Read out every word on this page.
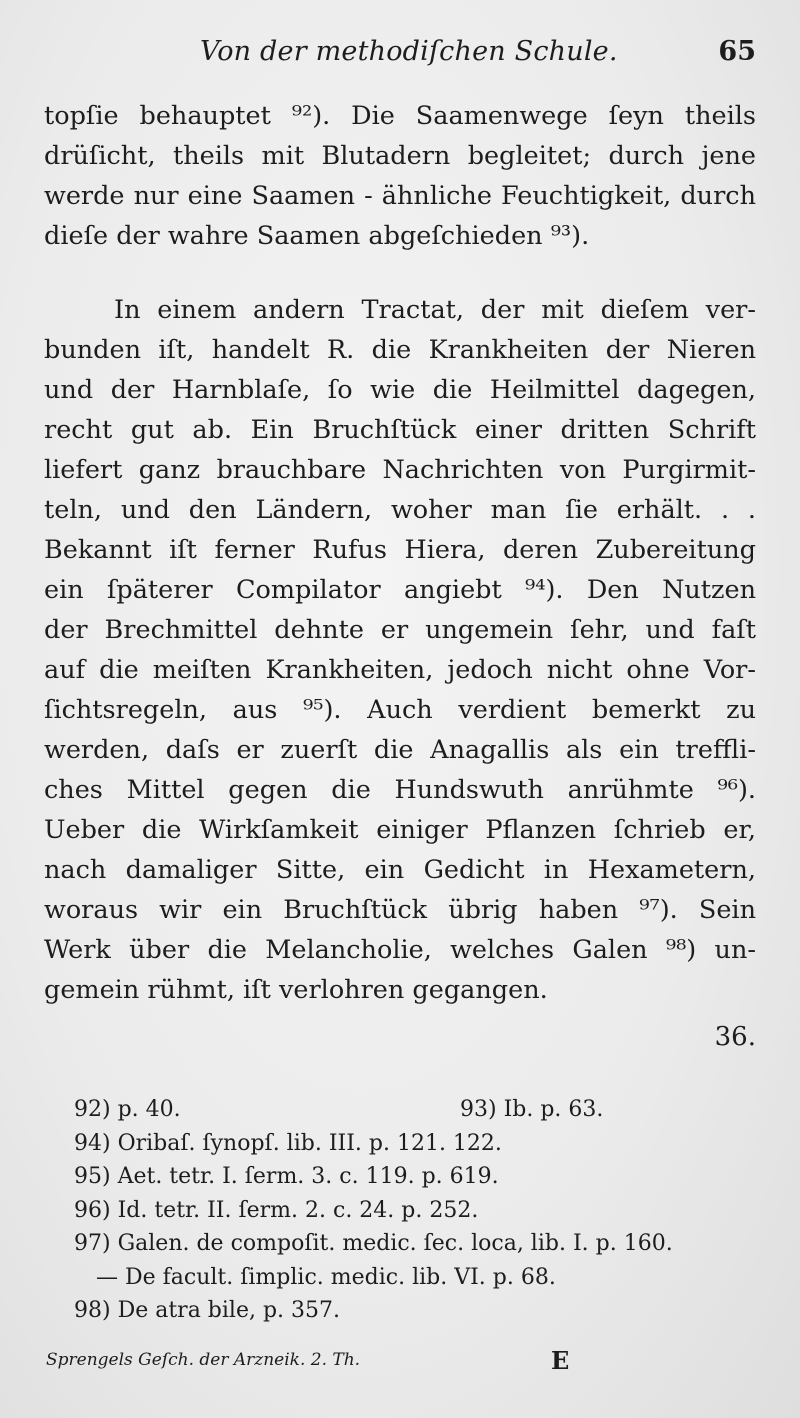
Von der methodiſchen Schule.	65
topſie behauptet ⁹²). Die Saamenwege ſeyn theils
drüſicht, theils mit Blutadern begleitet; durch jene
werde nur eine Saamen - ähnliche Feuchtigkeit, durch
dieſe der wahre Saamen abgeſchieden ⁹³).
In einem andern Tractat, der mit dieſem ver-
bunden iſt, handelt R. die Krankheiten der Nieren
und der Harnblaſe, ſo wie die Heilmittel dagegen,
recht gut ab. Ein Bruchſtück einer dritten Schrift
liefert ganz brauchbare Nachrichten von Purgirmit-
teln, und den Ländern, woher man ſie erhält. . .
Bekannt iſt ferner Rufus Hiera, deren Zubereitung
ein ſpäterer Compilator angiebt ⁹⁴). Den Nutzen
der Brechmittel dehnte er ungemein ſehr, und faſt
auf die meiſten Krankheiten, jedoch nicht ohne Vor-
ſichtsregeln, aus ⁹⁵). Auch verdient bemerkt zu
werden, daſs er zuerſt die Anagallis als ein treffli-
ches Mittel gegen die Hundswuth anrühmte ⁹⁶).
Ueber die Wirkſamkeit einiger Pflanzen ſchrieb er,
nach damaliger Sitte, ein Gedicht in Hexametern,
woraus wir ein Bruchſtück übrig haben ⁹⁷). Sein
Werk über die Melancholie, welches Galen ⁹⁸) un-
gemein rühmt, iſt verlohren gegangen.
36.
92) p. 40.	93) Ib. p. 63.
94) Oribaſ. ſynopſ. lib. III. p. 121. 122.
95) Aet. tetr. I. ſerm. 3. c. 119. p. 619.
96) Id. tetr. II. ſerm. 2. c. 24. p. 252.
97) Galen. de compoſit. medic. ſec. loca, lib. I. p. 160.
— De facult. ſimplic. medic. lib. VI. p. 68.
98) De atra bile, p. 357.
Sprengels Geſch. der Arzneik. 2. Th.	E
